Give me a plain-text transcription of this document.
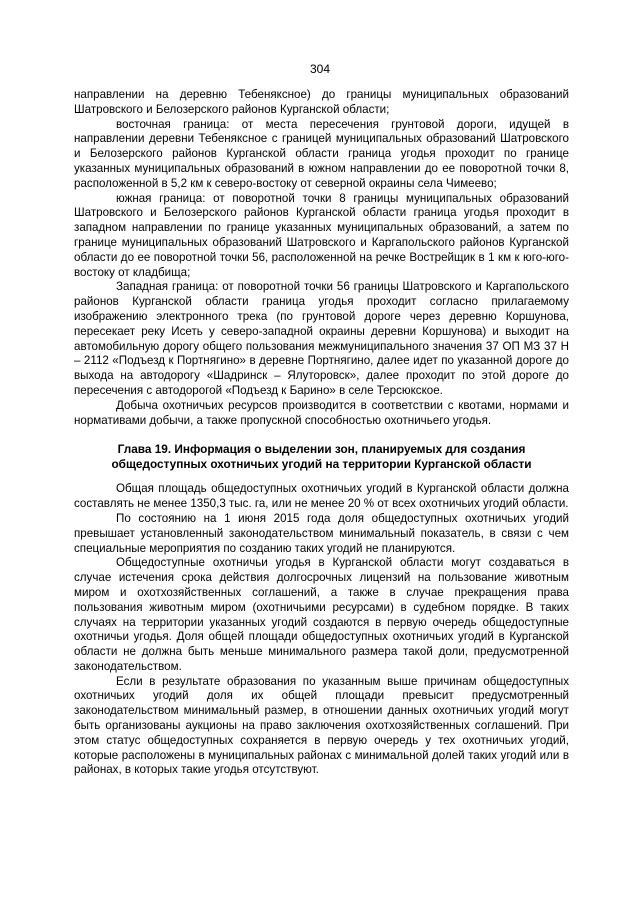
304

направлении на деревню Тебеняксное) до границы муниципальных образований Шатровского и Белозерского районов Курганской области;

восточная граница: от места пересечения грунтовой дороги, идущей в направлении деревни Тебеняксное с границей муниципальных образований Шатровского и Белозерского районов Курганской области граница угодья проходит по границе указанных муниципальных образований в южном направлении до ее поворотной точки 8, расположенной в 5,2 км к северо-востоку от северной окраины села Чимеево;

южная граница: от поворотной точки 8 границы муниципальных образований Шатровского и Белозерского районов Курганской области граница угодья проходит в западном направлении по границе указанных муниципальных образований, а затем по границе муниципальных образований Шатровского и Каргапольского районов Курганской области до ее поворотной точки 56, расположенной на речке Вострейщик в 1 км к юго-юго-востоку от кладбища;

Западная граница: от поворотной точки 56 границы Шатровского и Каргапольского районов Курганской области граница угодья проходит согласно прилагаемому изображению электронного трека (по грунтовой дороге через деревню Коршунова, пересекает реку Исеть у северо-западной окраины деревни Коршунова) и выходит на автомобильную дорогу общего пользования межмуниципального значения 37 ОП МЗ 37 Н – 2112 «Подъезд к Портнягино» в деревне Портнягино, далее идет по указанной дороге до выхода на автодорогу «Шадринск – Ялуторовск», далее проходит по этой дороге до пересечения с автодорогой «Подъезд к Барино» в селе Терсюкское.

Добыча охотничьих ресурсов производится в соответствии с квотами, нормами и нормативами добычи, а также пропускной способностью охотничьего угодья.

Глава 19. Информация о выделении зон, планируемых для создания общедоступных охотничьих угодий на территории Курганской области

Общая площадь общедоступных охотничьих угодий в Курганской области должна составлять не менее 1350,3 тыс. га, или не менее 20 % от всех охотничьих угодий области.

По состоянию на 1 июня 2015 года доля общедоступных охотничьих угодий превышает установленный законодательством минимальный показатель, в связи с чем специальные мероприятия по созданию таких угодий не планируются.

Общедоступные охотничьи угодья в Курганской области могут создаваться в случае истечения срока действия долгосрочных лицензий на пользование животным миром и охотхозяйственных соглашений, а также в случае прекращения права пользования животным миром (охотничьими ресурсами) в судебном порядке. В таких случаях на территории указанных угодий создаются в первую очередь общедоступные охотничьи угодья. Доля общей площади общедоступных охотничьих угодий в Курганской области не должна быть меньше минимального размера такой доли, предусмотренной законодательством.

Если в результате образования по указанным выше причинам общедоступных охотничьих угодий доля их общей площади превысит предусмотренный законодательством минимальный размер, в отношении данных охотничьих угодий могут быть организованы аукционы на право заключения охотхозяйственных соглашений. При этом статус общедоступных сохраняется в первую очередь у тех охотничьих угодий, которые расположены в муниципальных районах с минимальной долей таких угодий или в районах, в которых такие угодья отсутствуют.
